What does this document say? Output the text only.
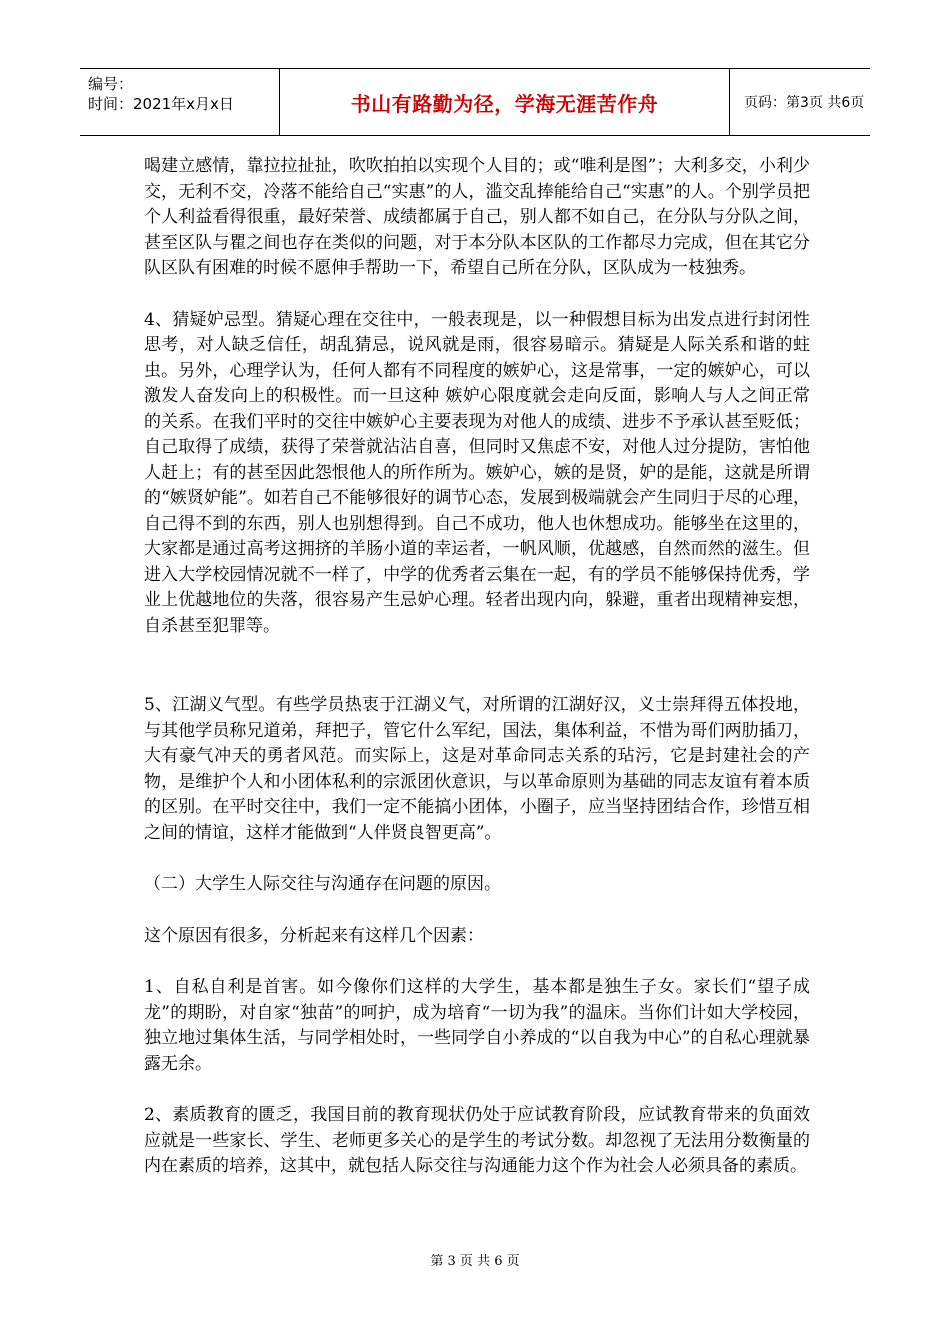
编号：
时间：2021年x月x日	书山有路勤为径，学海无涯苦作舟	页码：第3页 共6页

喝建立感情，靠拉拉扯扯，吹吹拍拍以实现个人目的；或“唯利是图”；大利多交，小利少交，无利不交，冷落不能给自己“实惠”的人，滥交乱捧能给自己“实惠”的人。个别学员把个人利益看得很重，最好荣誉、成绩都属于自己，别人都不如自己，在分队与分队之间，甚至区队与瞿之间也存在类似的问题，对于本分队本区队的工作都尽力完成，但在其它分队区队有困难的时候不愿伸手帮助一下，希望自己所在分队，区队成为一枝独秀。

4、猜疑妒忌型。猜疑心理在交往中，一般表现是，以一种假想目标为出发点进行封闭性思考，对人缺乏信任，胡乱猜忌，说风就是雨，很容易暗示。猜疑是人际关系和谐的蛀虫。另外，心理学认为，任何人都有不同程度的嫉妒心，这是常事，一定的嫉妒心，可以激发人奋发向上的积极性。而一旦这种 嫉妒心限度就会走向反面，影响人与人之间正常的关系。在我们平时的交往中嫉妒心主要表现为对他人的成绩、进步不予承认甚至贬低；自己取得了成绩，获得了荣誉就沾沾自喜，但同时又焦虑不安，对他人过分提防，害怕他人赶上；有的甚至因此怨恨他人的所作所为。嫉妒心，嫉的是贤，妒的是能，这就是所谓的“嫉贤妒能”。如若自己不能够很好的调节心态，发展到极端就会产生同归于尽的心理，自己得不到的东西，别人也别想得到。自己不成功，他人也休想成功。能够坐在这里的，大家都是通过高考这拥挤的羊肠小道的幸运者，一帆风顺，优越感，自然而然的滋生。但进入大学校园情况就不一样了，中学的优秀者云集在一起，有的学员不能够保持优秀，学业上优越地位的失落，很容易产生忌妒心理。轻者出现内向，躲避，重者出现精神妄想，自杀甚至犯罪等。

5、江湖义气型。有些学员热衷于江湖义气，对所谓的江湖好汉，义士崇拜得五体投地，与其他学员称兄道弟，拜把子，管它什么军纪，国法，集体利益，不惜为哥们两肋插刀，大有豪气冲天的勇者风范。而实际上，这是对革命同志关系的玷污，它是封建社会的产物，是维护个人和小团体私利的宗派团伙意识，与以革命原则为基础的同志友谊有着本质的区别。在平时交往中，我们一定不能搞小团体，小圈子，应当坚持团结合作，珍惜互相之间的情谊，这样才能做到“人伴贤良智更高”。

（二）大学生人际交往与沟通存在问题的原因。

这个原因有很多，分析起来有这样几个因素：

1、自私自利是首害。如今像你们这样的大学生，基本都是独生子女。家长们“望子成龙”的期盼，对自家“独苗”的呵护，成为培育“一切为我”的温床。当你们计如大学校园，独立地过集体生活，与同学相处时，一些同学自小养成的“以自我为中心”的自私心理就暴露无余。

2、素质教育的匮乏，我国目前的教育现状仍处于应试教育阶段，应试教育带来的负面效应就是一些家长、学生、老师更多关心的是学生的考试分数。却忽视了无法用分数衡量的内在素质的培养，这其中，就包括人际交往与沟通能力这个作为社会人必须具备的素质。

第 3 页 共 6 页
